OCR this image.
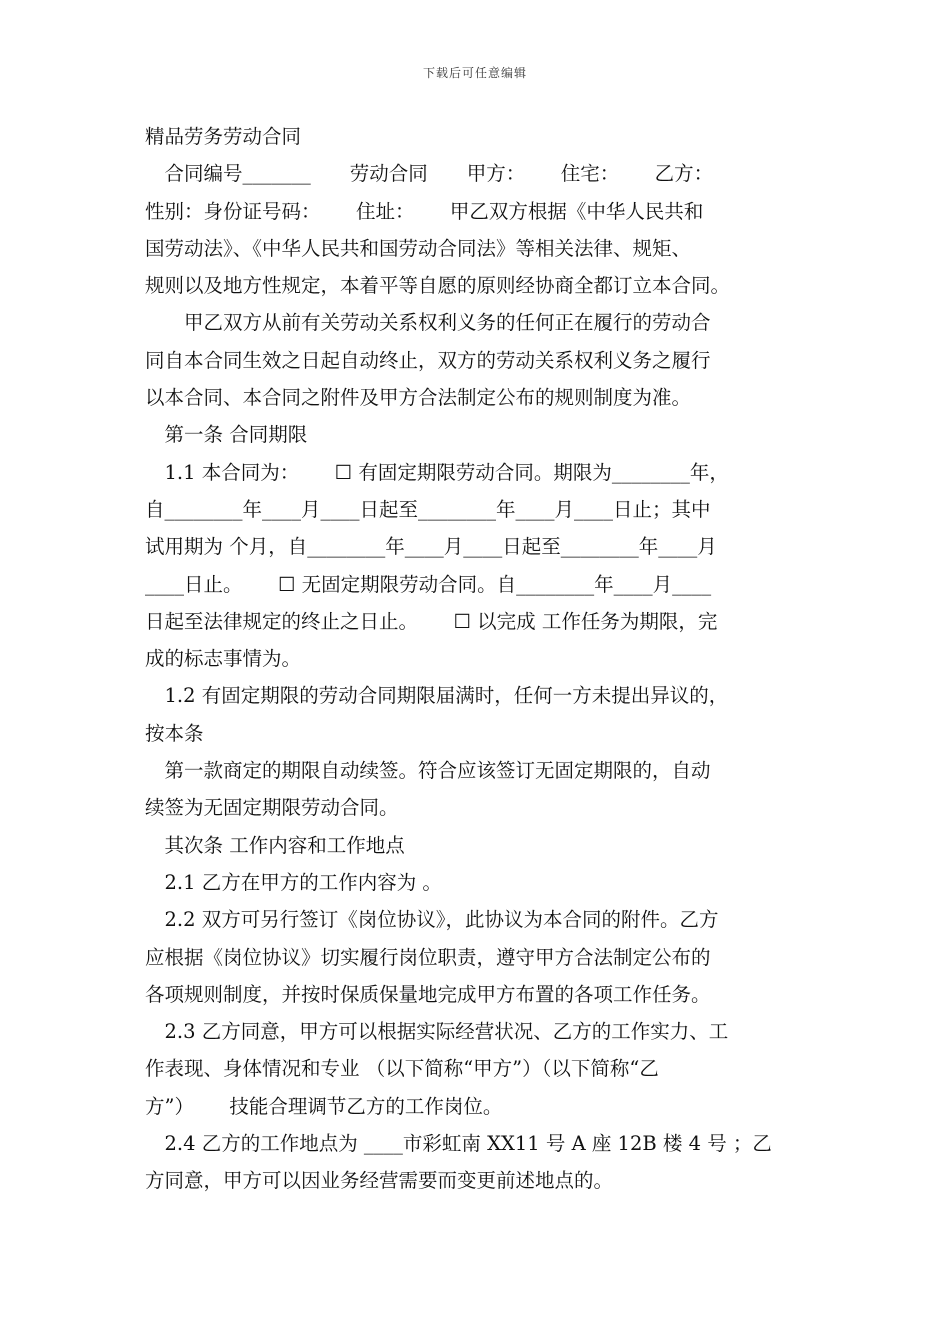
下载后可任意编辑
精品劳务劳动合同
　合同编号_______　　劳动合同　　甲方：　　 住宅：　　 乙方：
性别：身份证号码：　　 住址：　　 甲乙双方根据《中华人民共和
国劳动法》、《中华人民共和国劳动合同法》等相关法律、规矩、
规则以及地方性规定，本着平等自愿的原则经协商全都订立本合同。
　　甲乙双方从前有关劳动关系权利义务的任何正在履行的劳动合
同自本合同生效之日起自动终止，双方的劳动关系权利义务之履行
以本合同、本合同之附件及甲方合法制定公布的规则制度为准。
　第一条 合同期限
　1.1 本合同为：　　 ☐ 有固定期限劳动合同。期限为________年，
自________年____月____日起至________年____月____日止；其中
试用期为 个月，自________年____月____日起至________年____月
____日止。　　 ☐ 无固定期限劳动合同。自________年____月____
日起至法律规定的终止之日止。　　 ☐ 以完成 工作任务为期限，完
成的标志事情为。
　1.2 有固定期限的劳动合同期限届满时，任何一方未提出异议的，
按本条
　第一款商定的期限自动续签。符合应该签订无固定期限的，自动
续签为无固定期限劳动合同。
　其次条 工作内容和工作地点
　2.1 乙方在甲方的工作内容为 。
　2.2 双方可另行签订《岗位协议》，此协议为本合同的附件。乙方
应根据《岗位协议》切实履行岗位职责，遵守甲方合法制定公布的
各项规则制度，并按时保质保量地完成甲方布置的各项工作任务。
　2.3 乙方同意，甲方可以根据实际经营状况、乙方的工作实力、工
作表现、身体情况和专业 （以下简称“甲方”）（以下简称“乙
方”）　　 技能合理调节乙方的工作岗位。
　2.4 乙方的工作地点为 ____市彩虹南 XX11 号 A 座 12B 楼 4 号 ；乙
方同意，甲方可以因业务经营需要而变更前述地点的。
